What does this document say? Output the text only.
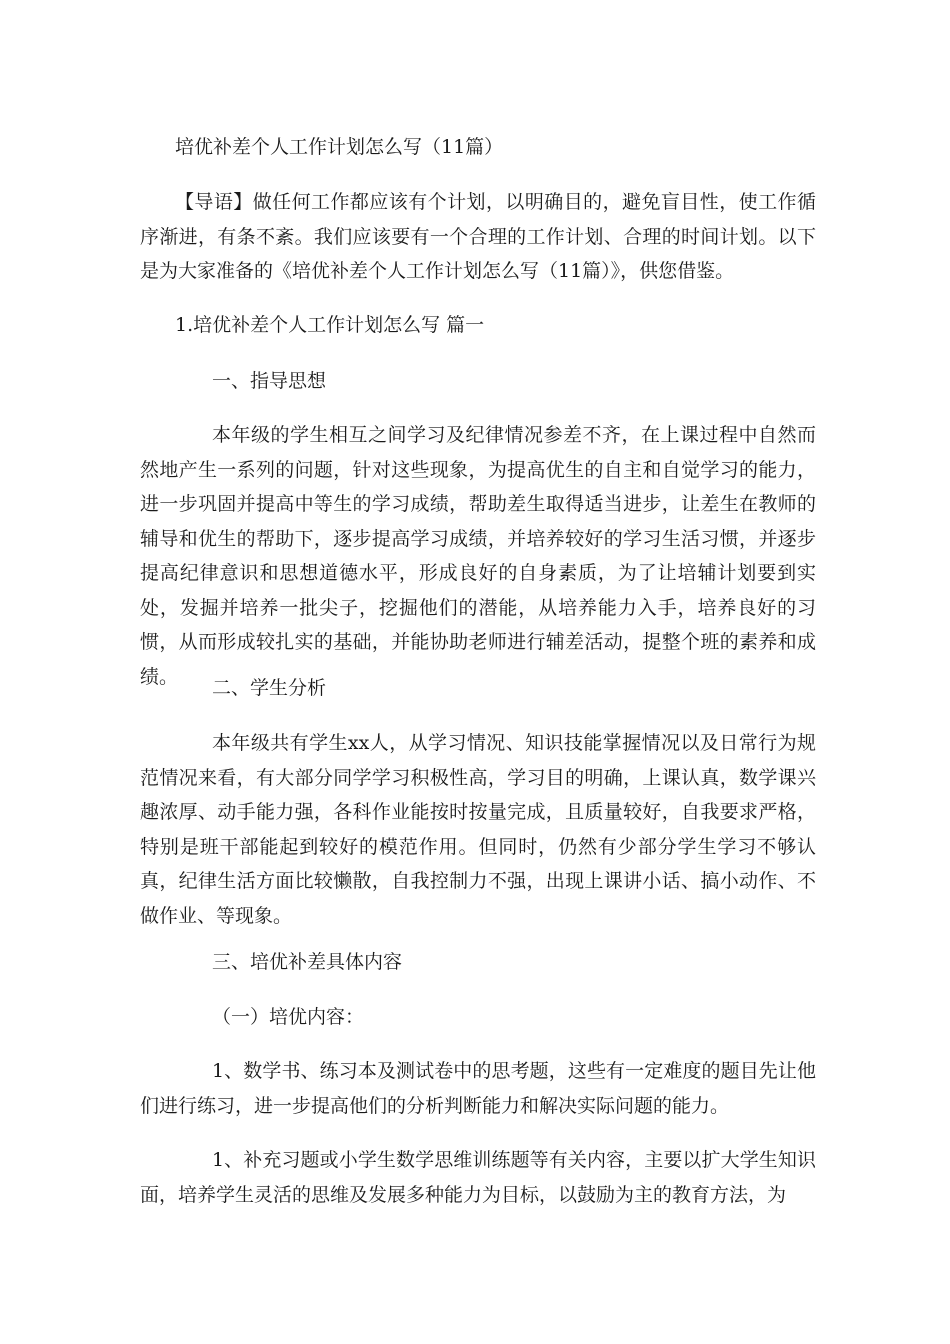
培优补差个人工作计划怎么写（11篇）
【导语】做任何工作都应该有个计划，以明确目的，避免盲目性，使工作循序渐进，有条不紊。我们应该要有一个合理的工作计划、合理的时间计划。以下是为大家准备的《培优补差个人工作计划怎么写（11篇）》，供您借鉴。
1.培优补差个人工作计划怎么写 篇一
一、指导思想
本年级的学生相互之间学习及纪律情况参差不齐，在上课过程中自然而然地产生一系列的问题，针对这些现象，为提高优生的自主和自觉学习的能力，进一步巩固并提高中等生的学习成绩，帮助差生取得适当进步，让差生在教师的辅导和优生的帮助下，逐步提高学习成绩，并培养较好的学习生活习惯，并逐步提高纪律意识和思想道德水平，形成良好的自身素质，为了让培辅计划要到实处，发掘并培养一批尖子，挖掘他们的潜能，从培养能力入手，培养良好的习惯，从而形成较扎实的基础，并能协助老师进行辅差活动，提整个班的素养和成绩。
二、学生分析
本年级共有学生xx人，从学习情况、知识技能掌握情况以及日常行为规范情况来看，有大部分同学学习积极性高，学习目的明确，上课认真，数学课兴趣浓厚、动手能力强，各科作业能按时按量完成，且质量较好，自我要求严格，特别是班干部能起到较好的模范作用。但同时，仍然有少部分学生学习不够认真，纪律生活方面比较懒散，自我控制力不强，出现上课讲小话、搞小动作、不做作业、等现象。
三、培优补差具体内容
（一）培优内容：
1、数学书、练习本及测试卷中的思考题，这些有一定难度的题目先让他们进行练习，进一步提高他们的分析判断能力和解决实际问题的能力。
1、补充习题或小学生数学思维训练题等有关内容，主要以扩大学生知识面，培养学生灵活的思维及发展多种能力为目标，以鼓励为主的教育方法，为
